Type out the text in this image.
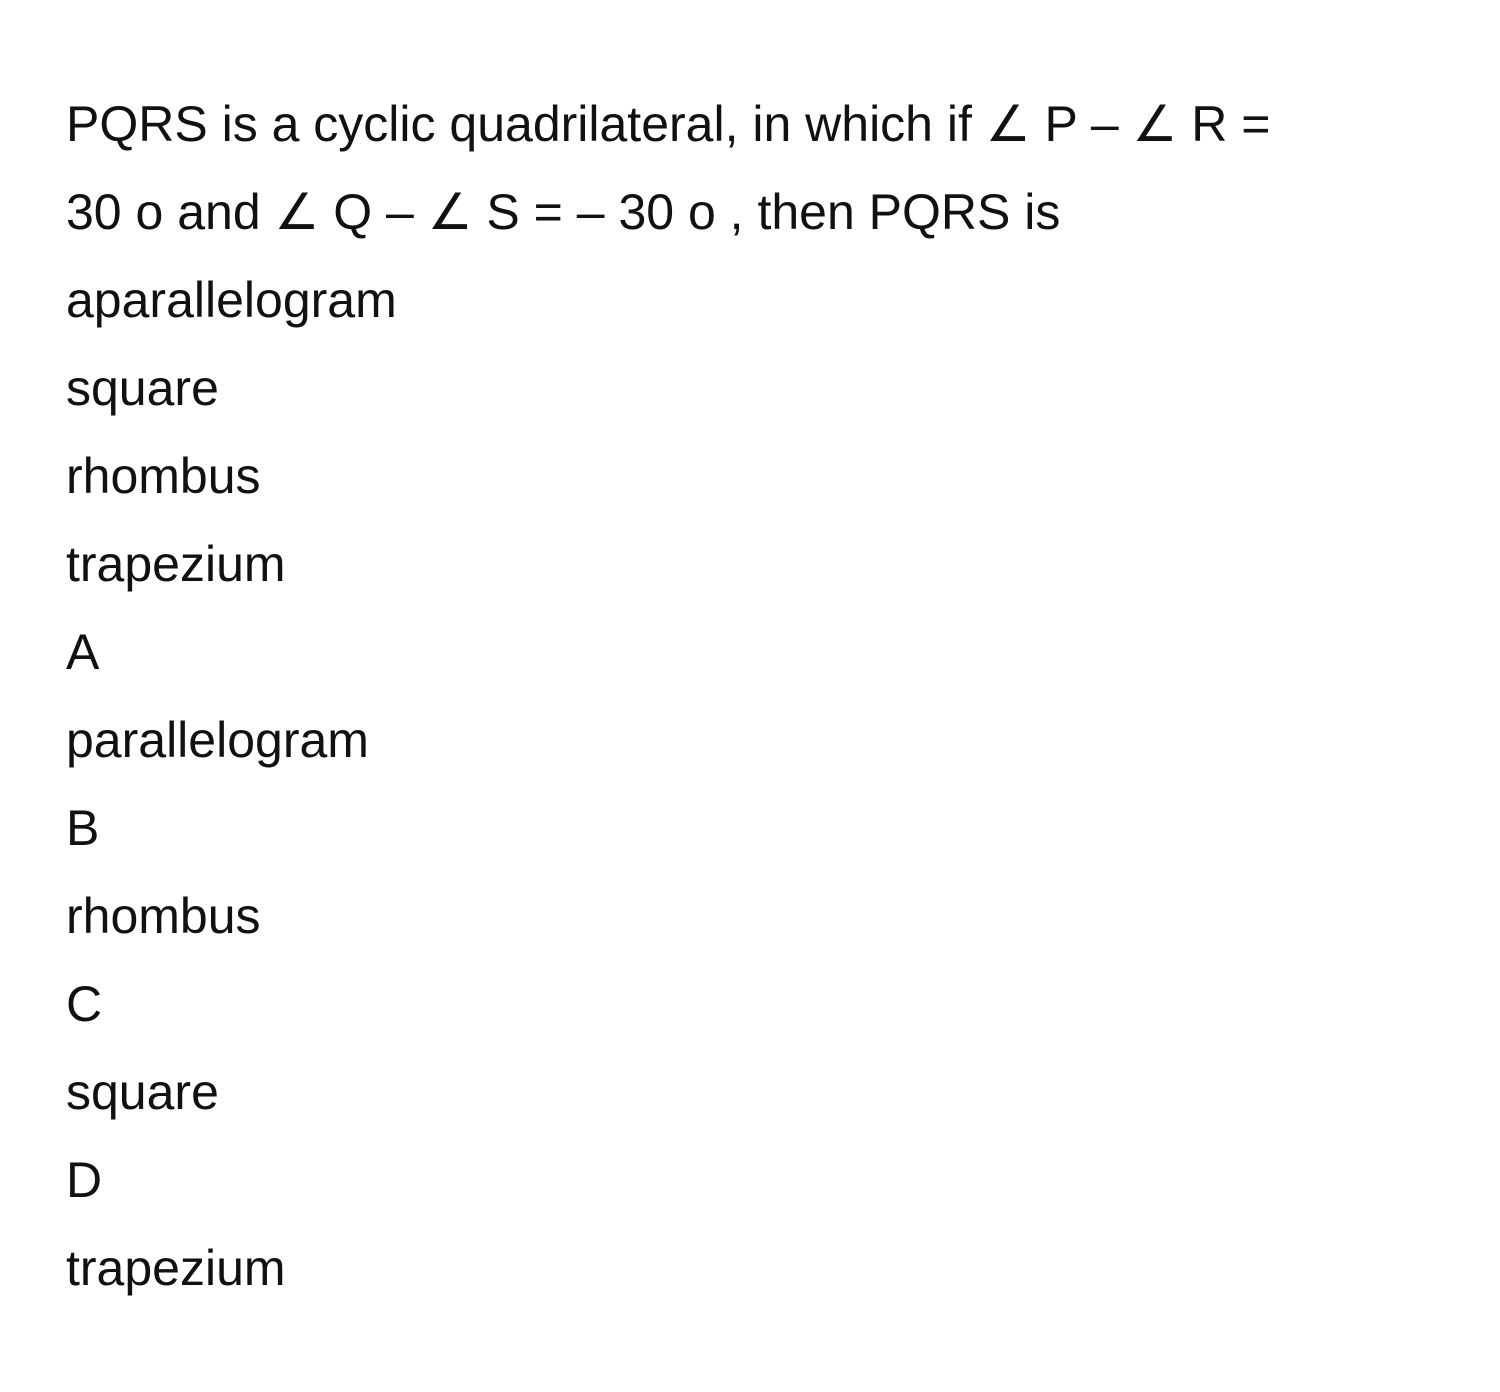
PQRS is a cyclic quadrilateral, in which if ∠ P – ∠ R =
30 o and ∠ Q – ∠ S = – 30 o , then PQRS is
aparallelogram
square
rhombus
trapezium
A
parallelogram
B
rhombus
C
square
D
trapezium
